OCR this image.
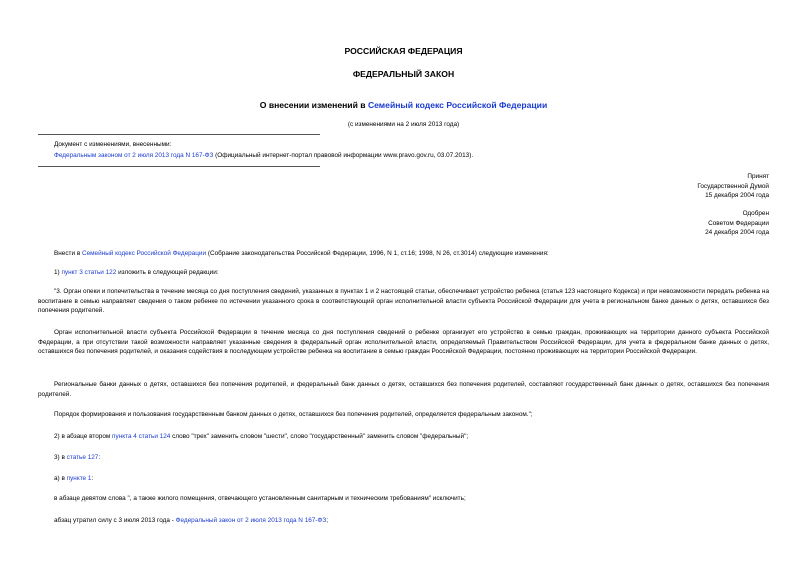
РОССИЙСКАЯ ФЕДЕРАЦИЯ
ФЕДЕРАЛЬНЫЙ ЗАКОН
О внесении изменений в Семейный кодекс Российской Федерации
(с изменениями на 2 июля 2013 года)
Документ с изменениями, внесенными:
Федеральным законом от 2 июля 2013 года N 167-ФЗ (Официальный интернет-портал правовой информации www.pravo.gov.ru, 03.07.2013).
Принят
Государственной Думой
15 декабря 2004 года
Одобрен
Советом Федерации
24 декабря 2004 года
Внести в Семейный кодекс Российской Федерации (Собрание законодательства Российской Федерации, 1996, N 1, ст.16; 1998, N 26, ст.3014) следующие изменения:
1) пункт 3 статьи 122 изложить в следующей редакции:
"3. Орган опеки и попечительства в течение месяца со дня поступления сведений, указанных в пунктах 1 и 2 настоящей статьи, обеспечивает устройство ребенка (статья 123 настоящего Кодекса) и при невозможности передать ребенка на воспитание в семью направляет сведения о таком ребенке по истечении указанного срока в соответствующий орган исполнительной власти субъекта Российской Федерации для учета в региональном банке данных о детях, оставшихся без попечения родителей.
Орган исполнительной власти субъекта Российской Федерации в течение месяца со дня поступления сведений о ребенке организует его устройство в семью граждан, проживающих на территории данного субъекта Российской Федерации, а при отсутствии такой возможности направляет указанные сведения в федеральный орган исполнительной власти, определяемый Правительством Российской Федерации, для учета в федеральном банке данных о детях, оставшихся без попечения родителей, и оказания содействия в последующем устройстве ребенка на воспитание в семью граждан Российской Федерации, постоянно проживающих на территории Российской Федерации.
Региональные банки данных о детях, оставшихся без попечения родителей, и федеральный банк данных о детях, оставшихся без попечения родителей, составляют государственный банк данных о детях, оставшихся без попечения родителей.
Порядок формирования и пользования государственным банком данных о детях, оставшихся без попечения родителей, определяется федеральным законом.";
2) в абзаце втором пункта 4 статьи 124 слово "трех" заменить словом "шести", слово "государственный" заменить словом "федеральный";
3) в статье 127:
а) в пункте 1:
в абзаце девятом слова ", а также жилого помещения, отвечающего установленным санитарным и техническим требованиям" исключить;
абзац утратил силу с 3 июля 2013 года - Федеральный закон от 2 июля 2013 года N 167-ФЗ;
